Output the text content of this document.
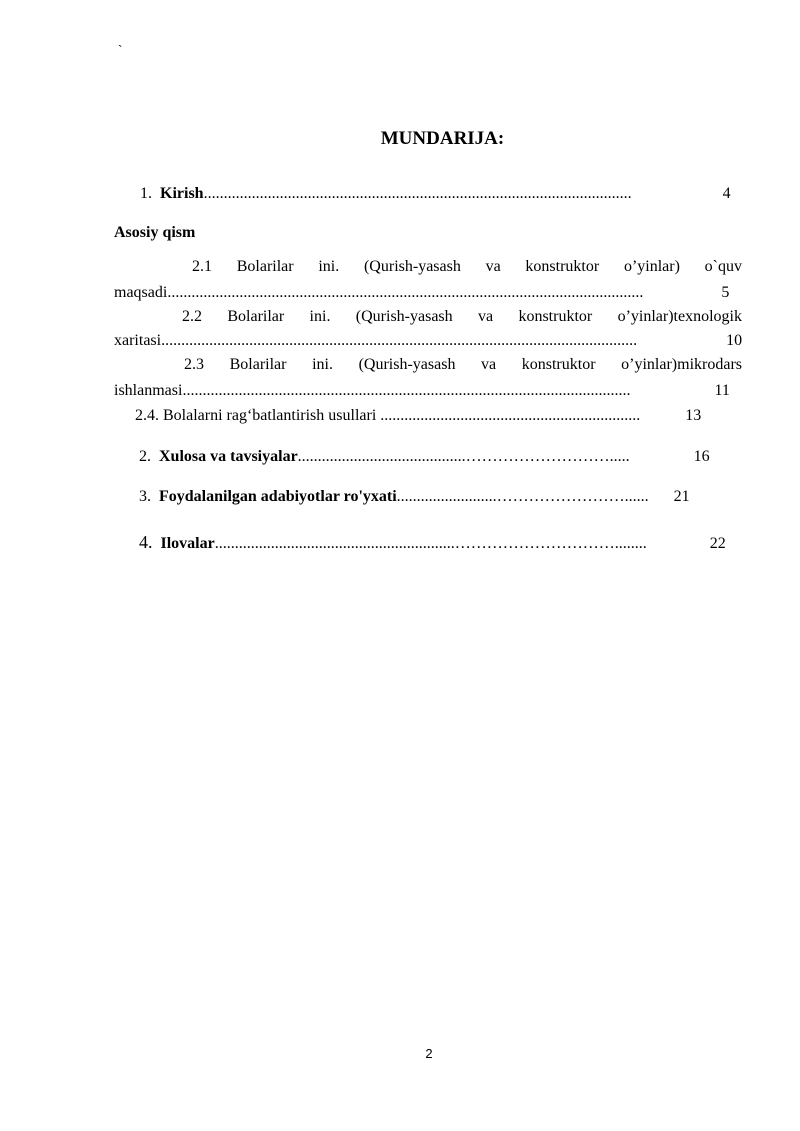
`
MUNDARIJA:
1. Kirish...........................................................................................................	4
Asosiy qism
2.1 Bolarilar ini. (Qurish-yasash va konstruktor o’yinlar) o`quv
maqsadi.......................................................................................................................	5
2.2 Bolarilar ini. (Qurish-yasash va konstruktor o’yinlar)texnologik
xaritasi.......................................................................................................................	10
2.3 Bolarilar ini. (Qurish-yasash va konstruktor o’yinlar)mikrodars
ishlanmasi................................................................................................................	11
2.4. Bolalarni rag‘batlantirish usullari .................................................................	13
2. Xulosa va tavsiyalar..........................................……………………….....	16
3. Foydalanilgan adabiyotlar ro'yxati.........................……………………...... 21
4. Ilovalar............................................................…………………………........	22
2
